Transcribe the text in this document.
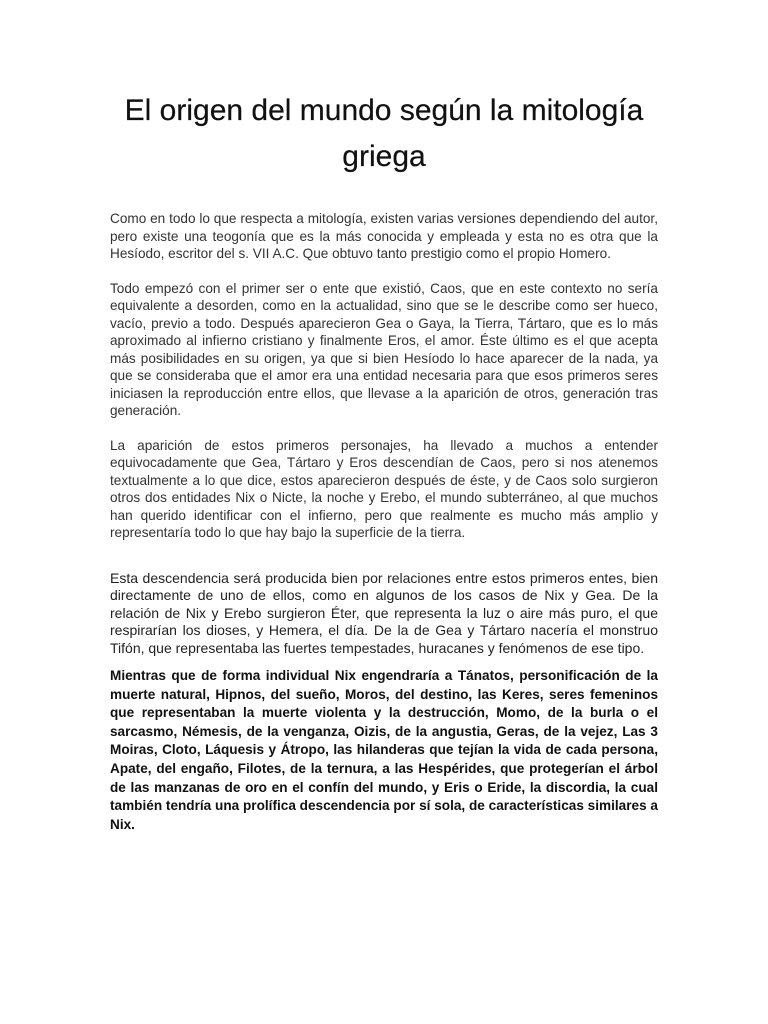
El origen del mundo según la mitología griega

Como en todo lo que respecta a mitología, existen varias versiones dependiendo del autor, pero existe una teogonía que es la más conocida y empleada y esta no es otra que la Hesíodo, escritor del s. VII A.C. Que obtuvo tanto prestigio como el propio Homero.

Todo empezó con el primer ser o ente que existió, Caos, que en este contexto no sería equivalente a desorden, como en la actualidad, sino que se le describe como ser hueco, vacío, previo a todo. Después aparecieron Gea o Gaya, la Tierra, Tártaro, que es lo más aproximado al infierno cristiano y finalmente Eros, el amor. Éste último es el que acepta más posibilidades en su origen, ya que si bien Hesíodo lo hace aparecer de la nada, ya que se consideraba que el amor era una entidad necesaria para que esos primeros seres iniciasen la reproducción entre ellos, que llevase a la aparición de otros, generación tras generación.

La aparición de estos primeros personajes, ha llevado a muchos a entender equivocadamente que Gea, Tártaro y Eros descendían de Caos, pero si nos atenemos textualmente a lo que dice, estos aparecieron después de éste, y de Caos solo surgieron otros dos entidades Nix o Nicte, la noche y Erebo, el mundo subterráneo, al que muchos han querido identificar con el infierno, pero que realmente es mucho más amplio y representaría todo lo que hay bajo la superficie de la tierra.

Esta descendencia será producida bien por relaciones entre estos primeros entes, bien directamente de uno de ellos, como en algunos de los casos de Nix y Gea. De la relación de Nix y Erebo surgieron Éter, que representa la luz o aire más puro, el que respirarían los dioses, y Hemera, el día. De la de Gea y Tártaro nacería el monstruo Tifón, que representaba las fuertes tempestades, huracanes y fenómenos de ese tipo.

Mientras que de forma individual Nix engendraría a Tánatos, personificación de la muerte natural, Hipnos, del sueño, Moros, del destino, las Keres, seres femeninos que representaban la muerte violenta y la destrucción, Momo, de la burla o el sarcasmo, Némesis, de la venganza, Oizis, de la angustia, Geras, de la vejez, Las 3 Moiras, Cloto, Láquesis y Átropo, las hilanderas que tejían la vida de cada persona, Apate, del engaño, Filotes, de la ternura, a las Hespérides, que protegerían el árbol de las manzanas de oro en el confín del mundo, y Eris o Eride, la discordia, la cual también tendría una prolífica descendencia por sí sola, de características similares a Nix.
